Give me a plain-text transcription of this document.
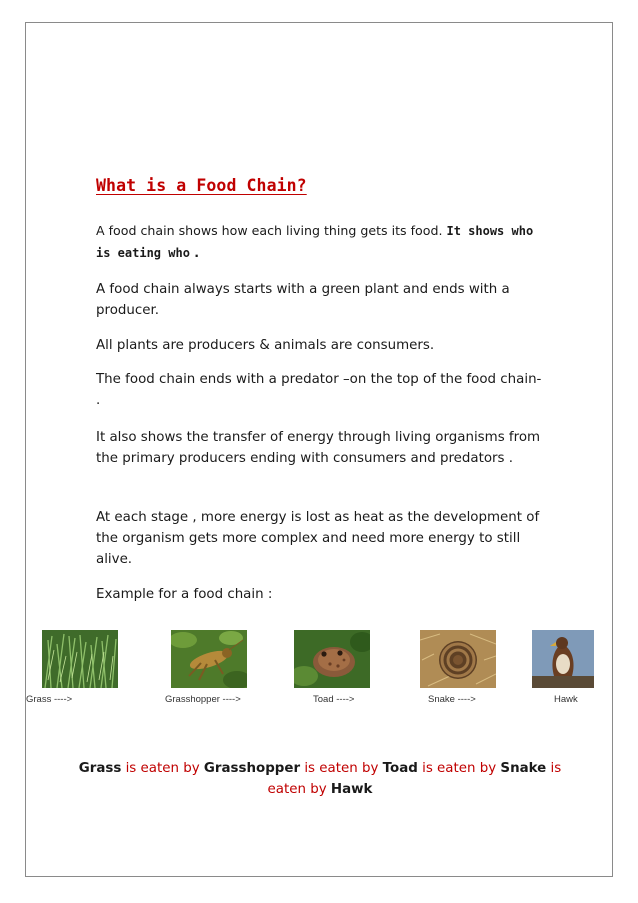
What is a Food Chain?

A food chain shows how each living thing gets its food. It shows who is eating who .

A food chain always starts with a green plant and ends with a producer.

All plants are producers & animals are consumers.

The food chain ends with a predator –on the top of the food chain- .

It also shows the transfer of energy through living organisms from the primary producers ending with consumers and predators .

At each stage , more energy is lost as heat as the development of the organism gets more complex and need more energy to still alive.

Example for a food chain :

Grass ---->	Grasshopper ---->	Toad ---->	Snake ---->	Hawk

Grass is eaten by Grasshopper is eaten by Toad is eaten by Snake is eaten by Hawk
